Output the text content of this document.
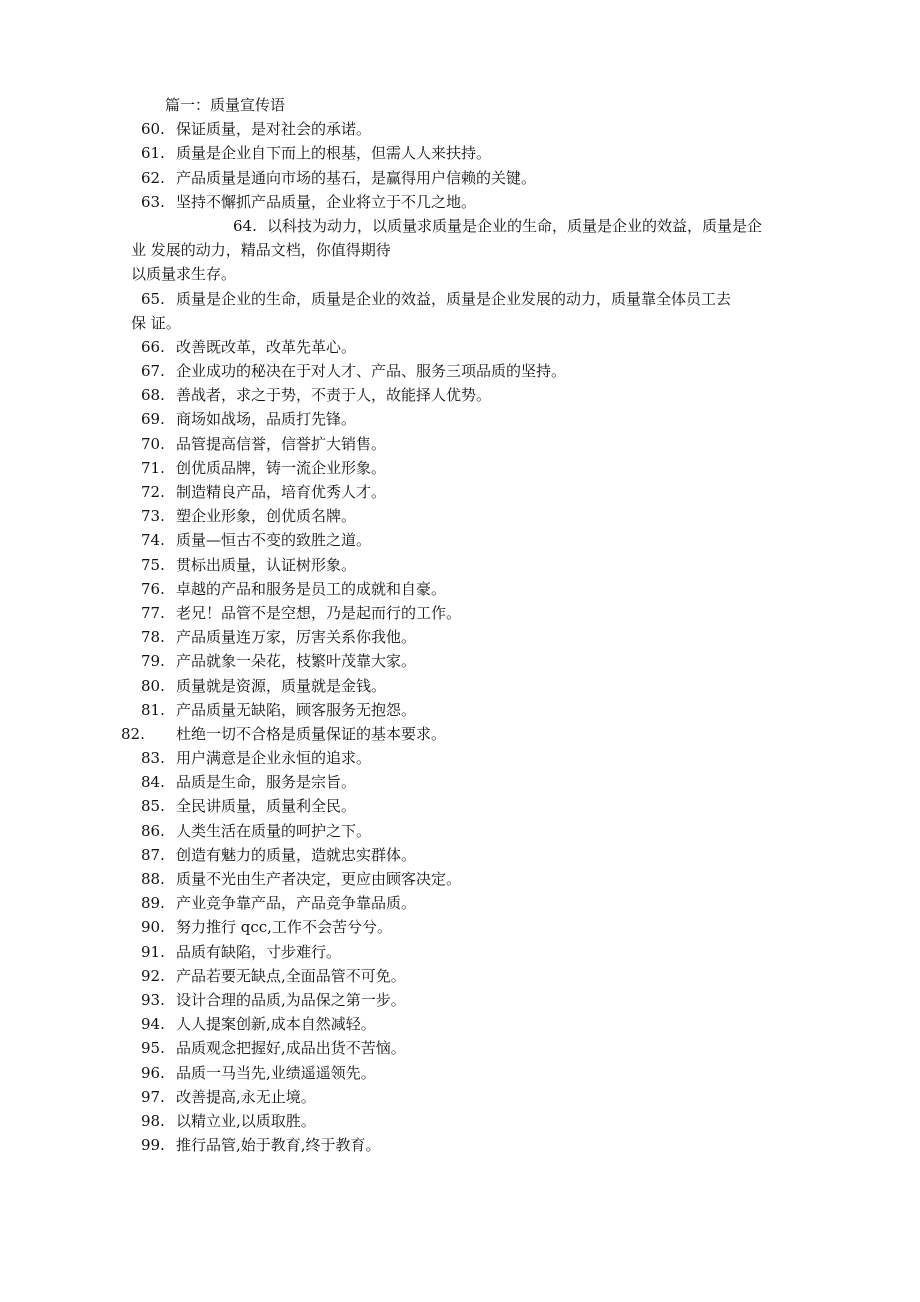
篇一：质量宣传语
60. 保证质量，是对社会的承诺。
61. 质量是企业自下而上的根基，但需人人来扶持。
62. 产品质量是通向市场的基石，是赢得用户信赖的关键。
63. 坚持不懈抓产品质量，企业将立于不几之地。
64. 以科技为动力，以质量求质量是企业的生命，质量是企业的效益，质量是企
业 发展的动力，精品文档，你值得期待
以质量求生存。
65. 质量是企业的生命，质量是企业的效益，质量是企业发展的动力，质量靠全体员工去
保 证。
66. 改善既改革，改革先革心。
67. 企业成功的秘决在于对人才、产品、服务三项品质的坚持。
68. 善战者，求之于势，不责于人，故能择人优势。
69. 商场如战场，品质打先锋。
70. 品管提高信誉，信誉扩大销售。
71. 创优质品牌，铸一流企业形象。
72. 制造精良产品，培育优秀人才。
73. 塑企业形象，创优质名牌。
74. 质量—恒古不变的致胜之道。
75. 贯标出质量，认证树形象。
76. 卓越的产品和服务是员工的成就和自豪。
77. 老兄！品管不是空想，乃是起而行的工作。
78. 产品质量连万家，厉害关系你我他。
79. 产品就象一朵花，枝繁叶茂靠大家。
80. 质量就是资源，质量就是金钱。
81. 产品质量无缺陷，顾客服务无抱怨。
82. 杜绝一切不合格是质量保证的基本要求。
83. 用户满意是企业永恒的追求。
84. 品质是生命，服务是宗旨。
85. 全民讲质量，质量利全民。
86. 人类生活在质量的呵护之下。
87. 创造有魅力的质量，造就忠实群体。
88. 质量不光由生产者决定，更应由顾客决定。
89. 产业竞争靠产品，产品竞争靠品质。
90. 努力推行 qcc,工作不会苦兮兮。
91. 品质有缺陷，寸步难行。
92. 产品若要无缺点,全面品管不可免。
93. 设计合理的品质,为品保之第一步。
94. 人人提案创新,成本自然减轻。
95. 品质观念把握好,成品出货不苦恼。
96. 品质一马当先,业绩遥遥领先。
97. 改善提高,永无止境。
98. 以精立业,以质取胜。
99. 推行品管,始于教育,终于教育。
